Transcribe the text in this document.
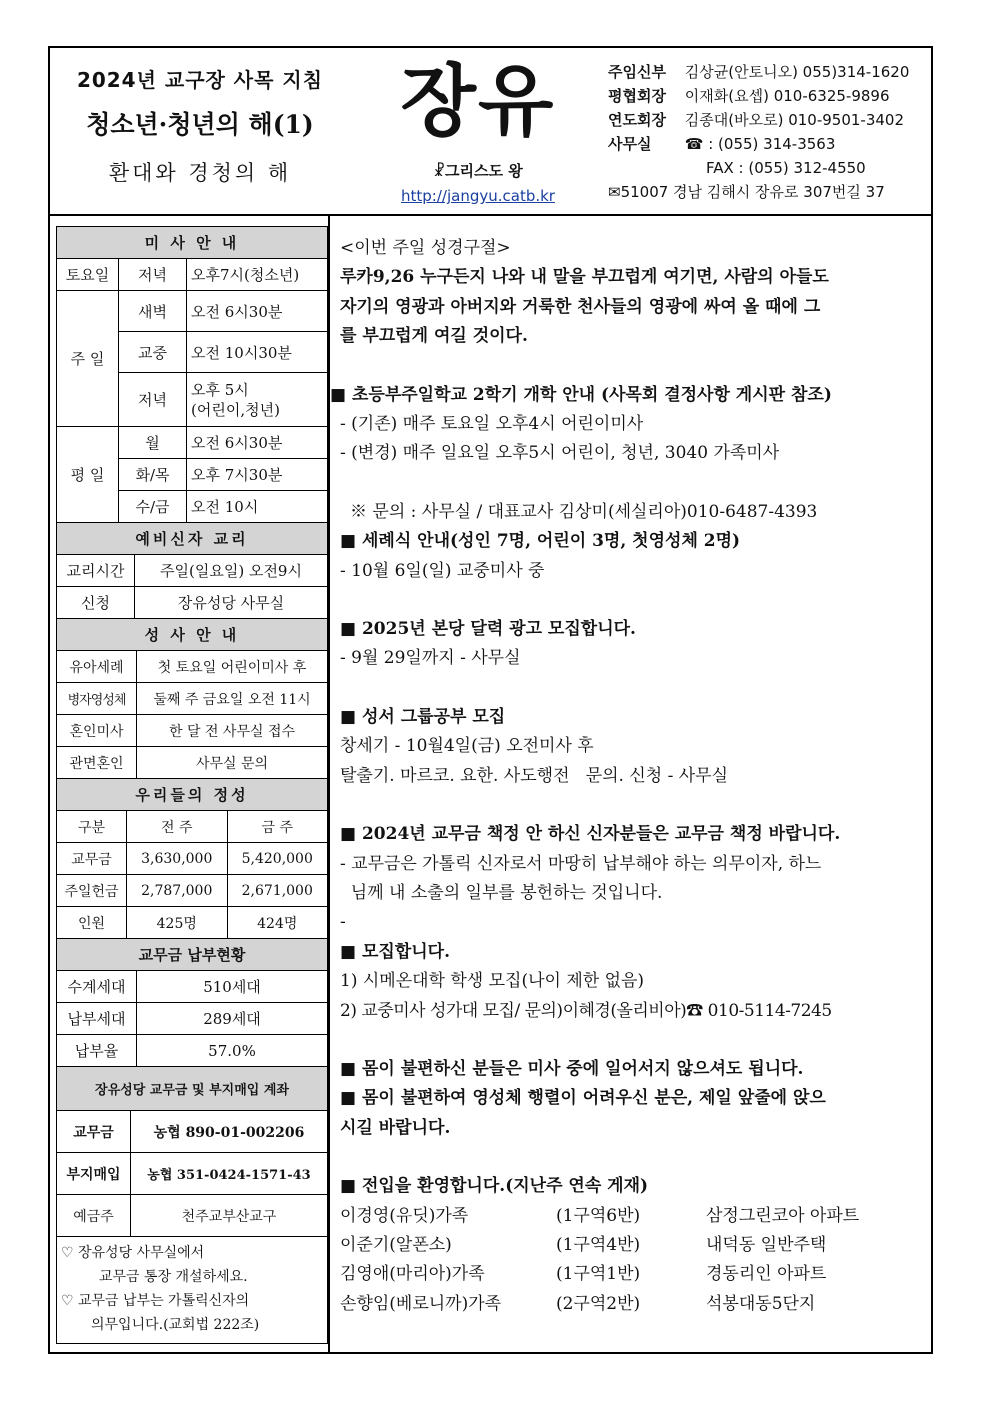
2024년 교구장 사목 지침
청소년·청년의 해(1)
환대와 경청의 해
장유
☧그리스도 왕
http://jangyu.catb.kr
주임신부 김상균(안토니오) 055)314-1620
평협회장 이재화(요셉) 010-6325-9896
연도회장 김종대(바오로) 010-9501-3402
사무실 ☎ : (055) 314-3563
FAX : (055) 312-4550
✉51007 경남 김해시 장유로 307번길 37
미 사 안 내		
토요일	저녁	오후7시(청소년)
주 일	새벽	오전 6시30분
	교중	오전 10시30분
	저녁	오후 5시
(어린이,청년)

평 일	월	오전 6시30분
	화/목	오후 7시30분
	수/금	오전 10시
예비신자 교리	
교리시간	주일(일요일) 오전9시
신청	장유성당 사무실
성 사 안 내	
유아세례	첫 토요일 어린이미사 후
병자영성체	둘째 주 금요일 오전 11시
혼인미사	한 달 전 사무실 접수
관면혼인	사무실 문의
우리들의 정성		
구분	전 주	금 주
교무금	3,630,000	5,420,000
주일헌금	2,787,000	2,671,000
인원	425명	424명
교무금 납부현황	
수계세대	510세대
납부세대	289세대
납부율	57.0%
장유성당 교무금 및 부지매입 계좌	
교무금	농협 890-01-002206
부지매입	농협 351-0424-1571-43
예금주	천주교부산교구
♡ 장유성당 사무실에서
교무금 통장 개설하세요.
♡ 교무금 납부는 가톨릭신자의
의무입니다.(교회법 222조)
<이번 주일 성경구절>
루카9,26 누구든지 나와 내 말을 부끄럽게 여기면, 사람의 아들도
자기의 영광과 아버지와 거룩한 천사들의 영광에 싸여 올 때에 그
를 부끄럽게 여길 것이다.
■ 초등부주일학교 2학기 개학 안내 (사목회 결정사항 게시판 참조)
- (기존) 매주 토요일 오후4시 어린이미사
- (변경) 매주 일요일 오후5시 어린이, 청년, 3040 가족미사
※ 문의 : 사무실 / 대표교사 김상미(세실리아)010-6487-4393
■ 세례식 안내(성인 7명, 어린이 3명, 첫영성체 2명)
- 10월 6일(일) 교중미사 중
■ 2025년 본당 달력 광고 모집합니다.
- 9월 29일까지 - 사무실
■ 성서 그룹공부 모집
창세기 - 10월4일(금) 오전미사 후
탈출기. 마르코. 요한. 사도행전   문의. 신청 - 사무실
■ 2024년 교무금 책정 안 하신 신자분들은 교무금 책정 바랍니다.
- 교무금은 가톨릭 신자로서 마땅히 납부해야 하는 의무이자, 하느
님께 내 소출의 일부를 봉헌하는 것입니다.
-
■ 모집합니다.
1) 시메온대학 학생 모집(나이 제한 없음)
2) 교중미사 성가대 모집/ 문의)이혜경(올리비아)☎ 010-5114-7245
■ 몸이 불편하신 분들은 미사 중에 일어서지 않으셔도 됩니다.
■ 몸이 불편하여 영성체 행렬이 어려우신 분은, 제일 앞줄에 앉으
시길 바랍니다.
■ 전입을 환영합니다.(지난주 연속 게재)
이경영(유딧)가족	(1구역6반)	삼정그린코아 아파트
이준기(알폰소)	(1구역4반)	내덕동 일반주택
김영애(마리아)가족	(1구역1반)	경동리인 아파트
손향임(베로니까)가족	(2구역2반)	석봉대동5단지
